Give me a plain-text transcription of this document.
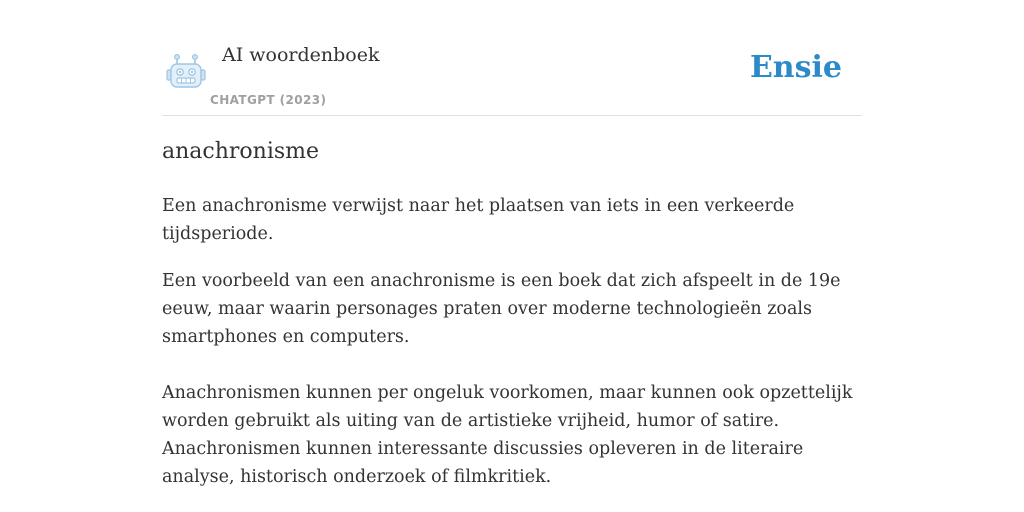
AI woordenboek
CHATGPT (2023)
Ensie
anachronisme

Een anachronisme verwijst naar het plaatsen van iets in een verkeerde tijdsperiode.

Een voorbeeld van een anachronisme is een boek dat zich afspeelt in de 19e eeuw, maar waarin personages praten over moderne technologieën zoals smartphones en computers.

Anachronismen kunnen per ongeluk voorkomen, maar kunnen ook opzettelijk worden gebruikt als uiting van de artistieke vrijheid, humor of satire. Anachronismen kunnen interessante discussies opleveren in de literaire analyse, historisch onderzoek of filmkritiek.
